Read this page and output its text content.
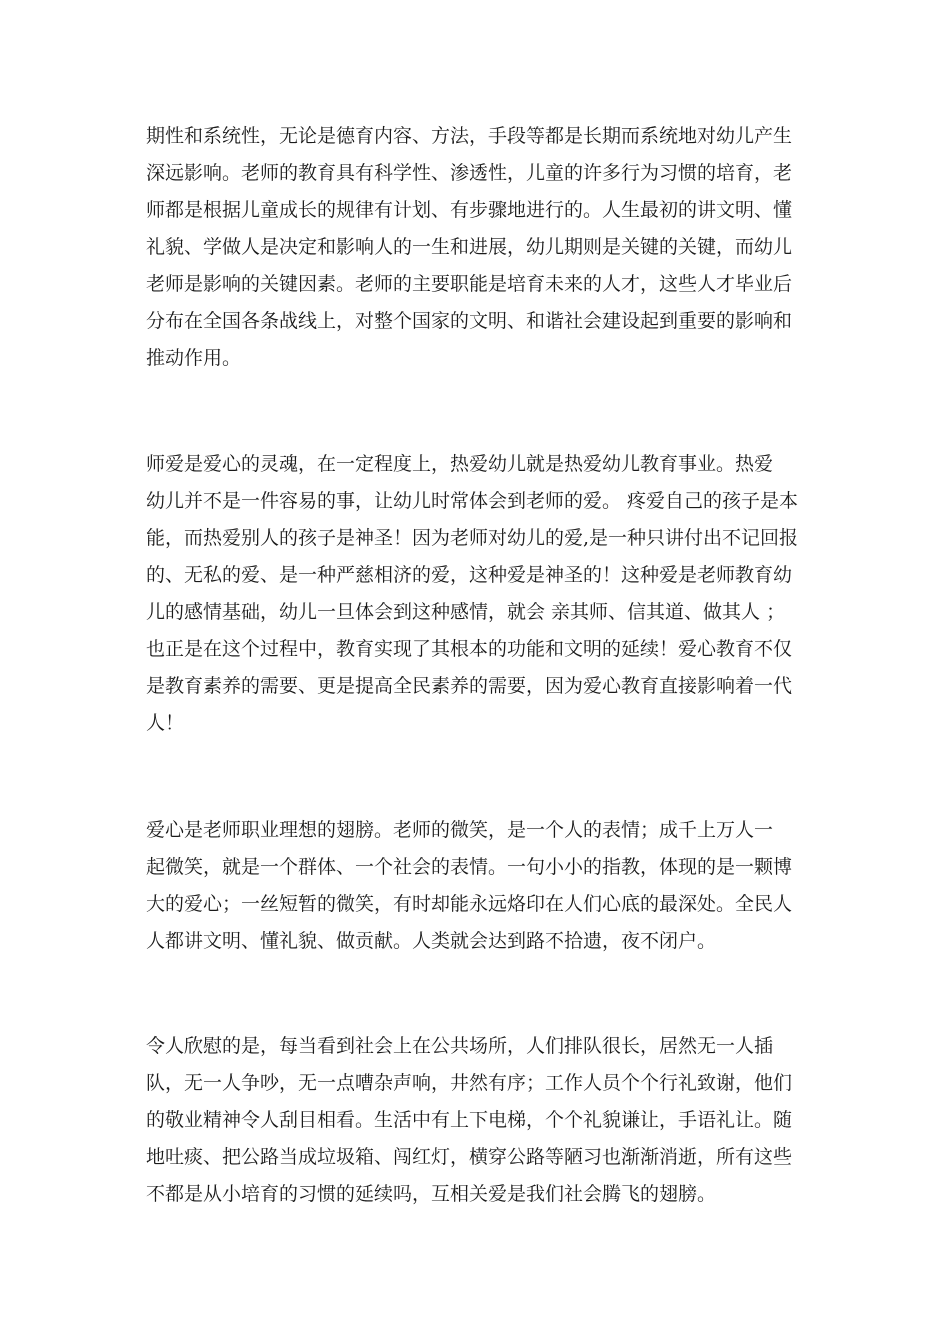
期性和系统性，无论是德育内容、方法，手段等都是长期而系统地对幼儿产生
深远影响。老师的教育具有科学性、渗透性，儿童的许多行为习惯的培育，老
师都是根据儿童成长的规律有计划、有步骤地进行的。人生最初的讲文明、懂
礼貌、学做人是决定和影响人的一生和进展，幼儿期则是关键的关键，而幼儿
老师是影响的关键因素。老师的主要职能是培育未来的人才，这些人才毕业后
分布在全国各条战线上，对整个国家的文明、和谐社会建设起到重要的影响和
推动作用。
师爱是爱心的灵魂，在一定程度上，热爱幼儿就是热爱幼儿教育事业。热爱
幼儿并不是一件容易的事，让幼儿时常体会到老师的爱。 疼爱自己的孩子是本
能，而热爱别人的孩子是神圣！因为老师对幼儿的爱,是一种只讲付出不记回报
的、无私的爱、是一种严慈相济的爱，这种爱是神圣的！这种爱是老师教育幼
儿的感情基础，幼儿一旦体会到这种感情，就会 亲其师、信其道、做其人 ；
也正是在这个过程中，教育实现了其根本的功能和文明的延续！爱心教育不仅
是教育素养的需要、更是提高全民素养的需要，因为爱心教育直接影响着一代
人！
爱心是老师职业理想的翅膀。老师的微笑，是一个人的表情；成千上万人一
起微笑，就是一个群体、一个社会的表情。一句小小的指教，体现的是一颗博
大的爱心；一丝短暂的微笑，有时却能永远烙印在人们心底的最深处。全民人
人都讲文明、懂礼貌、做贡献。人类就会达到路不拾遗，夜不闭户。
令人欣慰的是，每当看到社会上在公共场所，人们排队很长，居然无一人插
队，无一人争吵，无一点嘈杂声响，井然有序；工作人员个个行礼致谢，他们
的敬业精神令人刮目相看。生活中有上下电梯，个个礼貌谦让，手语礼让。随
地吐痰、把公路当成垃圾箱、闯红灯，横穿公路等陋习也渐渐消逝，所有这些
不都是从小培育的习惯的延续吗，互相关爱是我们社会腾飞的翅膀。
